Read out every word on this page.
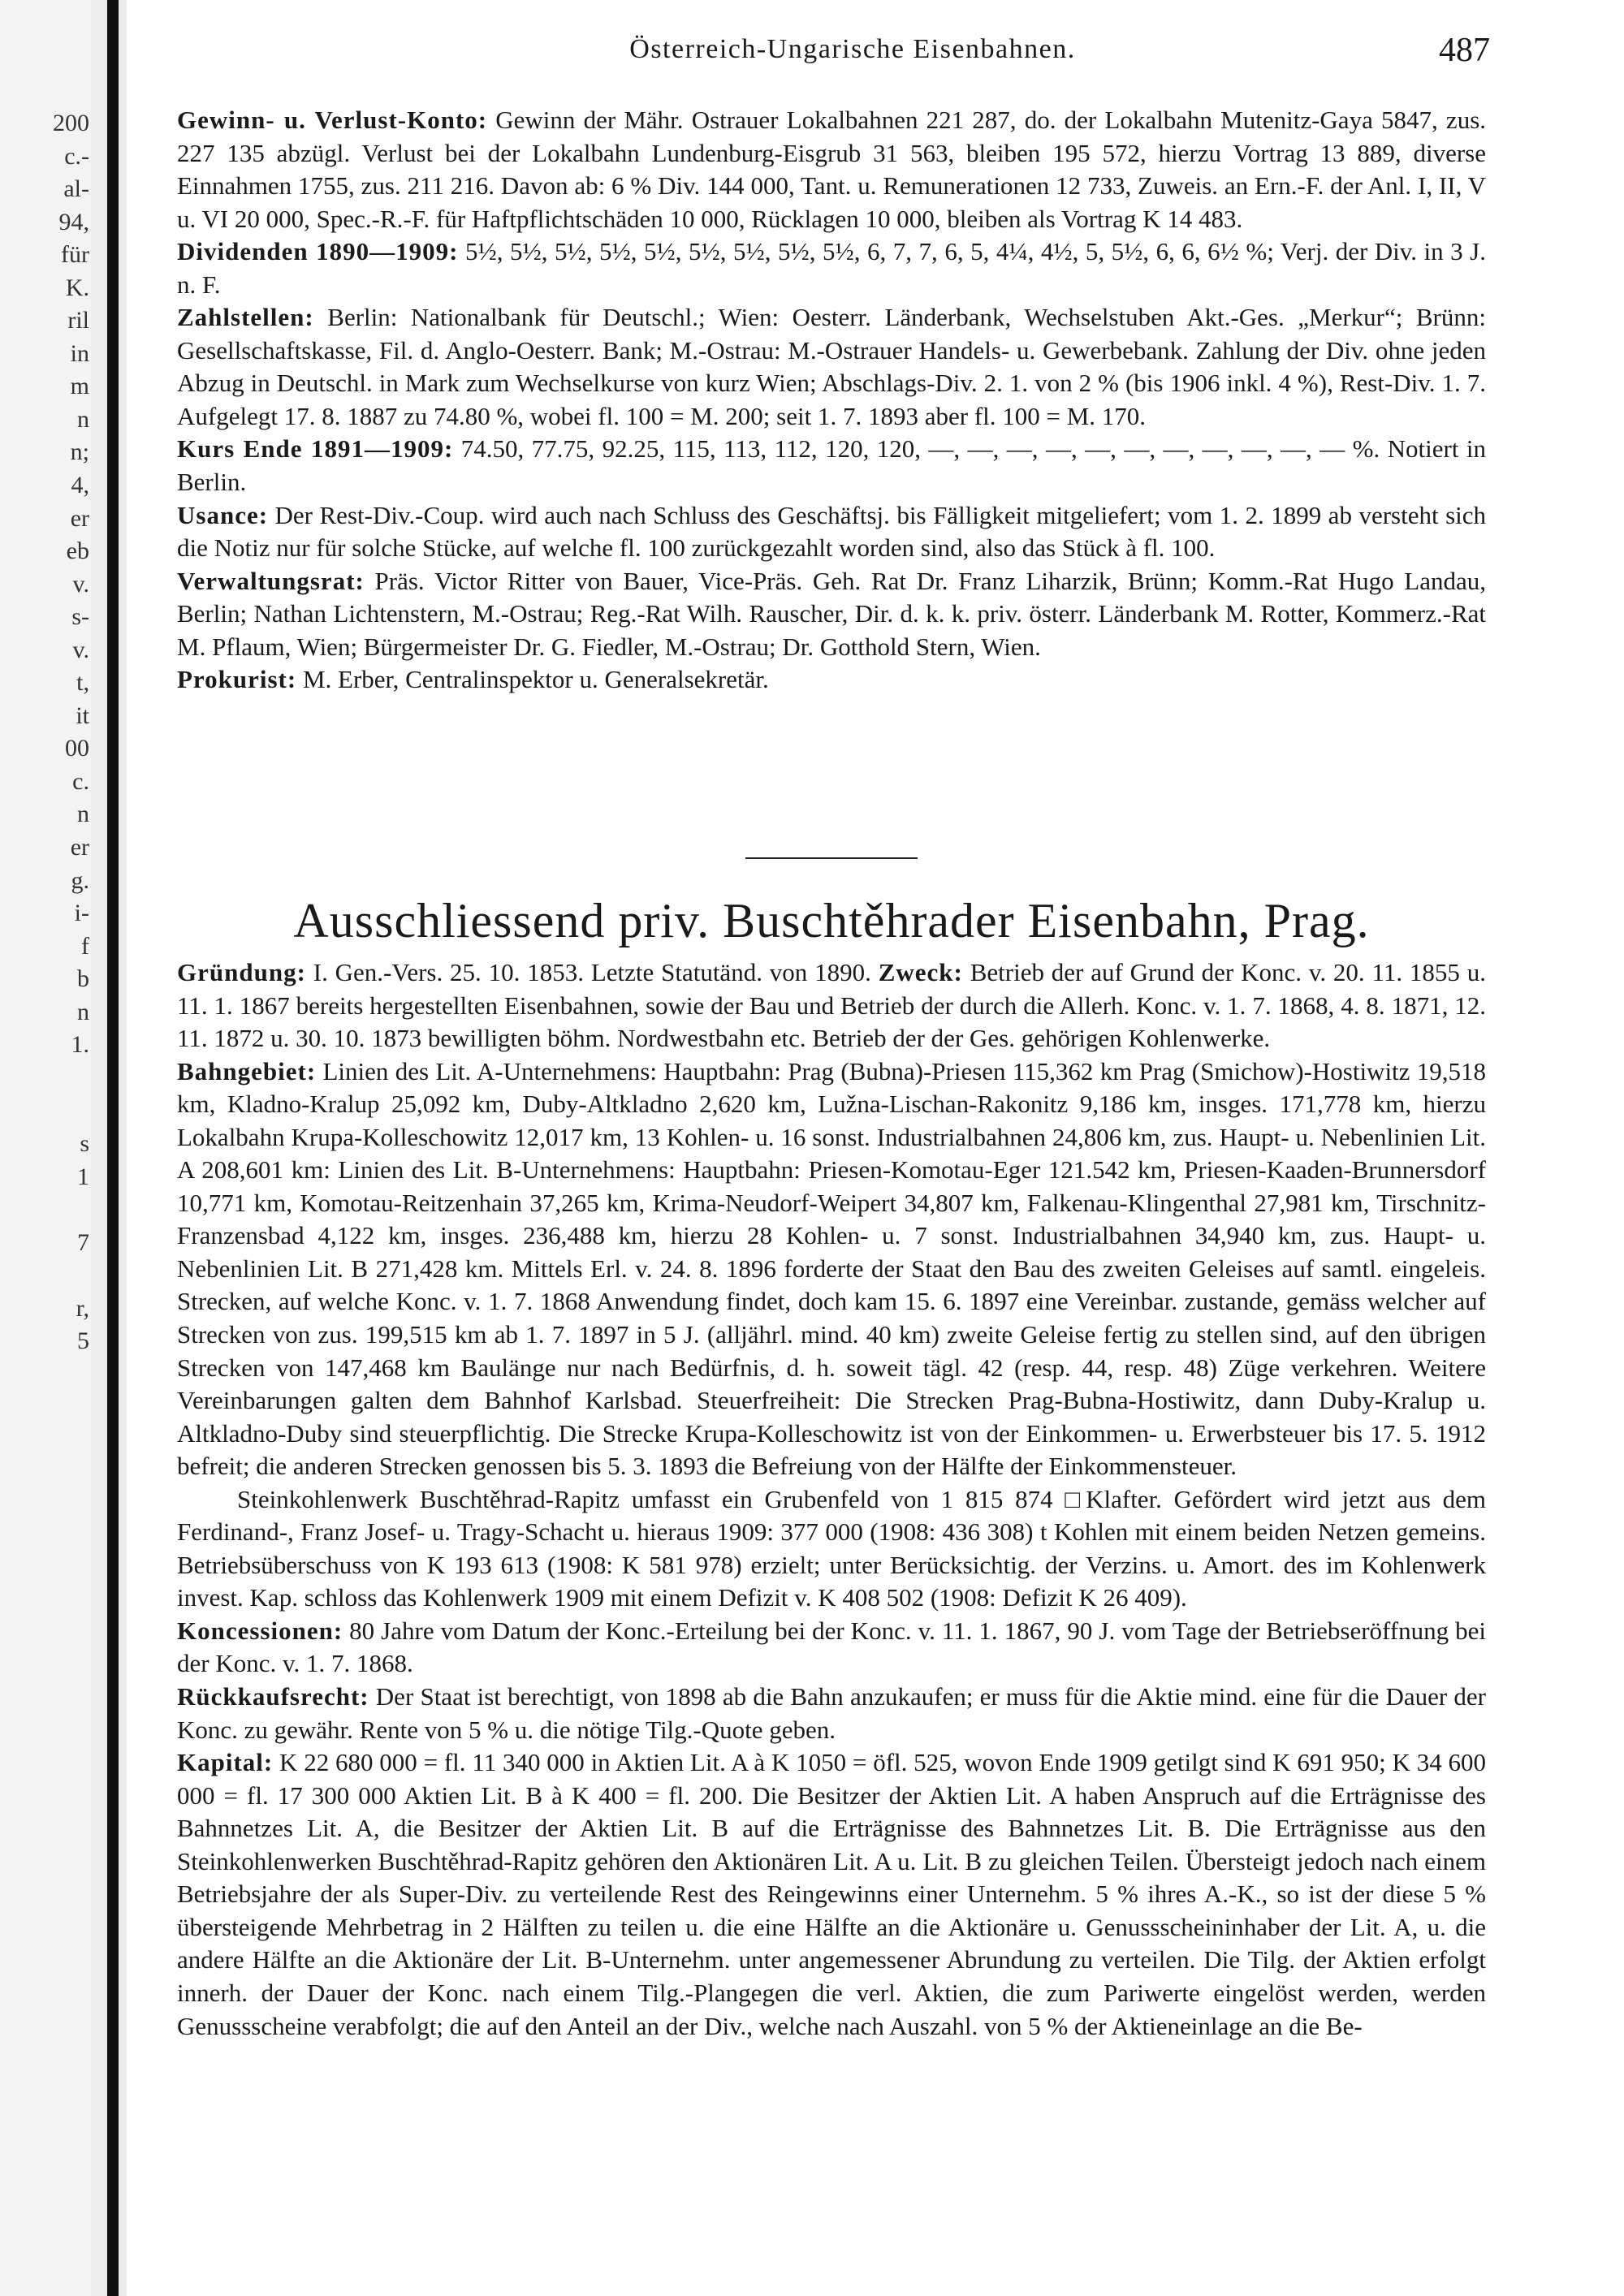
200
c.-
al-
94,
für
K.
ril
in
m
n
n;
4,
er
eb
v.
s-
v.
t,
it
00
c.
n
er
g.
i-
f
b
n
1.
s
1
7
r,
5
Österreich-Ungarische Eisenbahnen.	487

Gewinn- u. Verlust-Konto: Gewinn der Mähr. Ostrauer Lokalbahnen 221 287, do. der Lokalbahn Mutenitz-Gaya 5847, zus. 227 135 abzügl. Verlust bei der Lokalbahn Lundenburg-Eisgrub 31 563, bleiben 195 572, hierzu Vortrag 13 889, diverse Einnahmen 1755, zus. 211 216. Davon ab: 6 % Div. 144 000, Tant. u. Remunerationen 12 733, Zuweis. an Ern.-F. der Anl. I, II, V u. VI 20 000, Spec.-R.-F. für Haftpflichtschäden 10 000, Rücklagen 10 000, bleiben als Vortrag K 14 483.

Dividenden 1890—1909: 5½, 5½, 5½, 5½, 5½, 5½, 5½, 5½, 5½, 6, 7, 7, 6, 5, 4¼, 4½, 5, 5½, 6, 6, 6½ %; Verj. der Div. in 3 J. n. F.

Zahlstellen: Berlin: Nationalbank für Deutschl.; Wien: Oesterr. Länderbank, Wechselstuben Akt.-Ges. „Merkur“; Brünn: Gesellschaftskasse, Fil. d. Anglo-Oesterr. Bank; M.-Ostrau: M.-Ostrauer Handels- u. Gewerbebank. Zahlung der Div. ohne jeden Abzug in Deutschl. in Mark zum Wechselkurse von kurz Wien; Abschlags-Div. 2. 1. von 2 % (bis 1906 inkl. 4 %), Rest-Div. 1. 7. Aufgelegt 17. 8. 1887 zu 74.80 %, wobei fl. 100 = M. 200; seit 1. 7. 1893 aber fl. 100 = M. 170.

Kurs Ende 1891—1909: 74.50, 77.75, 92.25, 115, 113, 112, 120, 120, —, —, —, —, —, —, —, —, —, —, — %. Notiert in Berlin.

Usance: Der Rest-Div.-Coup. wird auch nach Schluss des Geschäftsj. bis Fälligkeit mitgeliefert; vom 1. 2. 1899 ab versteht sich die Notiz nur für solche Stücke, auf welche fl. 100 zurückgezahlt worden sind, also das Stück à fl. 100.

Verwaltungsrat: Präs. Victor Ritter von Bauer, Vice-Präs. Geh. Rat Dr. Franz Liharzik, Brünn; Komm.-Rat Hugo Landau, Berlin; Nathan Lichtenstern, M.-Ostrau; Reg.-Rat Wilh. Rauscher, Dir. d. k. k. priv. österr. Länderbank M. Rotter, Kommerz.-Rat M. Pflaum, Wien; Bürgermeister Dr. G. Fiedler, M.-Ostrau; Dr. Gotthold Stern, Wien.

Prokurist: M. Erber, Centralinspektor u. Generalsekretär.

Ausschliessend priv. Buschtěhrader Eisenbahn, Prag.

Gründung: I. Gen.-Vers. 25. 10. 1853. Letzte Statutänd. von 1890. Zweck: Betrieb der auf Grund der Konc. v. 20. 11. 1855 u. 11. 1. 1867 bereits hergestellten Eisenbahnen, sowie der Bau und Betrieb der durch die Allerh. Konc. v. 1. 7. 1868, 4. 8. 1871, 12. 11. 1872 u. 30. 10. 1873 bewilligten böhm. Nordwestbahn etc. Betrieb der der Ges. gehörigen Kohlenwerke.

Bahngebiet: Linien des Lit. A-Unternehmens: Hauptbahn: Prag (Bubna)-Priesen 115,362 km Prag (Smichow)-Hostiwitz 19,518 km, Kladno-Kralup 25,092 km, Duby-Altkladno 2,620 km, Lužna-Lischan-Rakonitz 9,186 km, insges. 171,778 km, hierzu Lokalbahn Krupa-Kolleschowitz 12,017 km, 13 Kohlen- u. 16 sonst. Industrialbahnen 24,806 km, zus. Haupt- u. Nebenlinien Lit. A 208,601 km: Linien des Lit. B-Unternehmens: Hauptbahn: Priesen-Komotau-Eger 121.542 km, Priesen-Kaaden-Brunnersdorf 10,771 km, Komotau-Reitzenhain 37,265 km, Krima-Neudorf-Weipert 34,807 km, Falkenau-Klingenthal 27,981 km, Tirschnitz-Franzensbad 4,122 km, insges. 236,488 km, hierzu 28 Kohlen- u. 7 sonst. Industrialbahnen 34,940 km, zus. Haupt- u. Nebenlinien Lit. B 271,428 km. Mittels Erl. v. 24. 8. 1896 forderte der Staat den Bau des zweiten Geleises auf samtl. eingeleis. Strecken, auf welche Konc. v. 1. 7. 1868 Anwendung findet, doch kam 15. 6. 1897 eine Vereinbar. zustande, gemäss welcher auf Strecken von zus. 199,515 km ab 1. 7. 1897 in 5 J. (alljährl. mind. 40 km) zweite Geleise fertig zu stellen sind, auf den übrigen Strecken von 147,468 km Baulänge nur nach Bedürfnis, d. h. soweit tägl. 42 (resp. 44, resp. 48) Züge verkehren. Weitere Vereinbarungen galten dem Bahnhof Karlsbad. Steuerfreiheit: Die Strecken Prag-Bubna-Hostiwitz, dann Duby-Kralup u. Altkladno-Duby sind steuerpflichtig. Die Strecke Krupa-Kolleschowitz ist von der Einkommen- u. Erwerbsteuer bis 17. 5. 1912 befreit; die anderen Strecken genossen bis 5. 3. 1893 die Befreiung von der Hälfte der Einkommensteuer.

Steinkohlenwerk Buschtěhrad-Rapitz umfasst ein Grubenfeld von 1 815 874 □Klafter. Gefördert wird jetzt aus dem Ferdinand-, Franz Josef- u. Tragy-Schacht u. hieraus 1909: 377 000 (1908: 436 308) t Kohlen mit einem beiden Netzen gemeins. Betriebsüberschuss von K 193 613 (1908: K 581 978) erzielt; unter Berücksichtig. der Verzins. u. Amort. des im Kohlenwerk invest. Kap. schloss das Kohlenwerk 1909 mit einem Defizit v. K 408 502 (1908: Defizit K 26 409).

Koncessionen: 80 Jahre vom Datum der Konc.-Erteilung bei der Konc. v. 11. 1. 1867, 90 J. vom Tage der Betriebseröffnung bei der Konc. v. 1. 7. 1868.

Rückkaufsrecht: Der Staat ist berechtigt, von 1898 ab die Bahn anzukaufen; er muss für die Aktie mind. eine für die Dauer der Konc. zu gewähr. Rente von 5 % u. die nötige Tilg.-Quote geben.

Kapital: K 22 680 000 = fl. 11 340 000 in Aktien Lit. A à K 1050 = öfl. 525, wovon Ende 1909 getilgt sind K 691 950; K 34 600 000 = fl. 17 300 000 Aktien Lit. B à K 400 = fl. 200. Die Besitzer der Aktien Lit. A haben Anspruch auf die Erträgnisse des Bahnnetzes Lit. A, die Besitzer der Aktien Lit. B auf die Erträgnisse des Bahnnetzes Lit. B. Die Erträgnisse aus den Steinkohlenwerken Buschtěhrad-Rapitz gehören den Aktionären Lit. A u. Lit. B zu gleichen Teilen. Übersteigt jedoch nach einem Betriebsjahre der als Super-Div. zu verteilende Rest des Reingewinns einer Unternehm. 5 % ihres A.-K., so ist der diese 5 % übersteigende Mehrbetrag in 2 Hälften zu teilen u. die eine Hälfte an die Aktionäre u. Genussscheininhaber der Lit. A, u. die andere Hälfte an die Aktionäre der Lit. B-Unternehm. unter angemessener Abrundung zu verteilen. Die Tilg. der Aktien erfolgt innerh. der Dauer der Konc. nach einem Tilg.-Plangegen die verl. Aktien, die zum Pariwerte eingelöst werden, werden Genussscheine verabfolgt; die auf den Anteil an der Div., welche nach Auszahl. von 5 % der Aktieneinlage an die Be-
